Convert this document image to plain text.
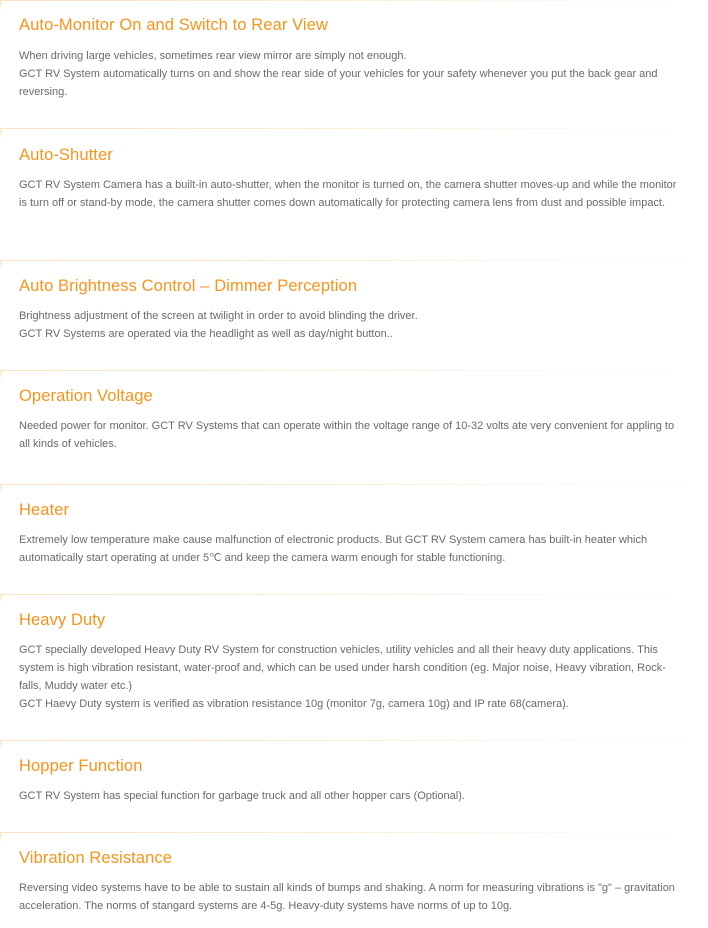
Auto-Monitor On and Switch to Rear View

When driving large vehicles, sometimes rear view mirror are simply not enough.

GCT RV System automatically turns on and show the rear side of your vehicles for your safety whenever you put the back gear and reversing.

Auto-Shutter

GCT RV System Camera has a built-in auto-shutter, when the monitor is turned on, the camera shutter moves-up and while the monitor is turn off or stand-by mode, the camera shutter comes down automatically for protecting camera lens from dust and possible impact.

Auto Brightness Control – Dimmer Perception

Brightness adjustment of the screen at twilight in order to avoid blinding the driver.

GCT RV Systems are operated via the headlight as well as day/night button..

Operation Voltage

Needed power for monitor. GCT RV Systems that can operate within the voltage range of 10-32 volts ate very convenient for appling to all kinds of vehicles.

Heater

Extremely low temperature make cause malfunction of electronic products. But GCT RV System camera has built-in heater which automatically start operating at under 5℃ and keep the camera warm enough for stable functioning.

Heavy Duty

GCT specially developed Heavy Duty RV System for construction vehicles, utility vehicles and all their heavy duty applications. This system is high vibration resistant, water-proof and, which can be used under harsh condition (eg. Major noise, Heavy vibration, Rock-falls, Muddy water etc.)

GCT Haevy Duty system is verified as vibration resistance 10g (monitor 7g, camera 10g) and IP rate 68(camera).

Hopper Function

GCT RV System has special function for garbage truck and all other hopper cars (Optional).

Vibration Resistance

Reversing video systems have to be able to sustain all kinds of bumps and shaking. A norm for measuring vibrations is "g" – gravitation acceleration. The norms of stangard systems are 4-5g. Heavy-duty systems have norms of up to 10g.
